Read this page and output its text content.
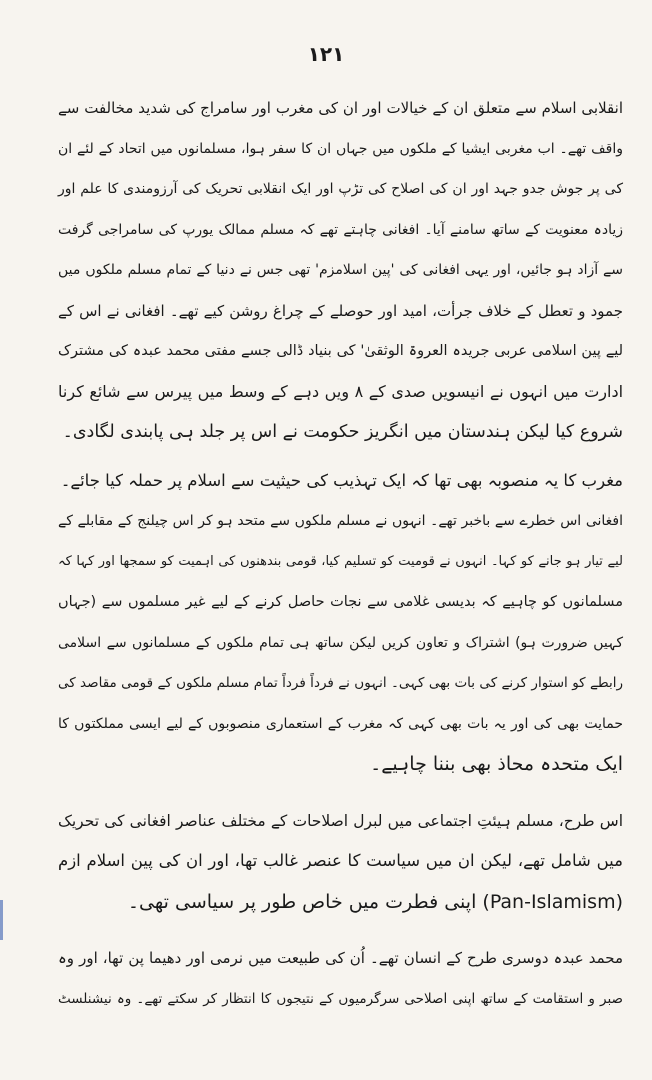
۱۲۱
انقلابی اسلام سے متعلق ان کے خیالات اور ان کی مغرب اور سامراج کی شدید مخالفت سے
واقف تھے۔ اب مغربی ایشیا کے ملکوں میں جہاں ان کا سفر ہوا، مسلمانوں میں اتحاد کے لئے ان
کی پر جوش جدو جہد اور ان کی اصلاح کی تڑپ اور ایک انقلابی تحریک کی آرزومندی کا علم اور
زیادہ معنویت کے ساتھ سامنے آیا۔ افغانی چاہتے تھے کہ مسلم ممالک یورپ کی سامراجی گرفت
سے آزاد ہو جائیں، اور یہی افغانی کی 'پین اسلامزم' تھی جس نے دنیا کے تمام مسلم ملکوں میں
جمود و تعطل کے خلاف جرأت، امید اور حوصلے کے چراغ روشن کیے تھے۔ افغانی نے اس کے
لیے پین اسلامی عربی جریدہ العروۃ الوثقیٰ' کی بنیاد ڈالی جسے مفتی محمد عبدہ کی مشترک
ادارت میں انہوں نے انیسویں صدی کے ۸ ویں دہے کے وسط میں پیرس سے شائع کرنا
شروع کیا لیکن ہندستان میں انگریز حکومت نے اس پر جلد ہی پابندی لگادی۔
مغرب کا یہ منصوبہ بھی تھا کہ ایک تہذیب کی حیثیت سے اسلام پر حملہ کیا جائے۔
افغانی اس خطرے سے باخبر تھے۔ انہوں نے مسلم ملکوں سے متحد ہو کر اس چیلنج کے مقابلے کے
لیے تیار ہو جانے کو کہا۔ انہوں نے قومیت کو تسلیم کیا، قومی بندھنوں کی اہمیت کو سمجھا اور کہا کہ
مسلمانوں کو چاہیے کہ بدیسی غلامی سے نجات حاصل کرنے کے لیے غیر مسلموں سے (جہاں
کہیں ضرورت ہو) اشتراک و تعاون کریں لیکن ساتھ ہی تمام ملکوں کے مسلمانوں سے اسلامی
رابطے کو استوار کرنے کی بات بھی کہی۔ انہوں نے فرداً فرداً تمام مسلم ملکوں کے قومی مقاصد کی
حمایت بھی کی اور یہ بات بھی کہی کہ مغرب کے استعماری منصوبوں کے لیے ایسی مملکتوں کا
ایک متحدہ محاذ بھی بننا چاہیے۔
اس طرح، مسلم ہیئتِ اجتماعی میں لبرل اصلاحات کے مختلف عناصر افغانی کی تحریک
میں شامل تھے، لیکن ان میں سیاست کا عنصر غالب تھا، اور ان کی پین اسلام ازم
(Pan-Islamism) اپنی فطرت میں خاص طور پر سیاسی تھی۔
محمد عبدہ دوسری طرح کے انسان تھے۔ اُن کی طبیعت میں نرمی اور دھیما پن تھا، اور وہ
صبر و استقامت کے ساتھ اپنی اصلاحی سرگرمیوں کے نتیجوں کا انتظار کر سکتے تھے۔ وہ نیشنلسٹ
